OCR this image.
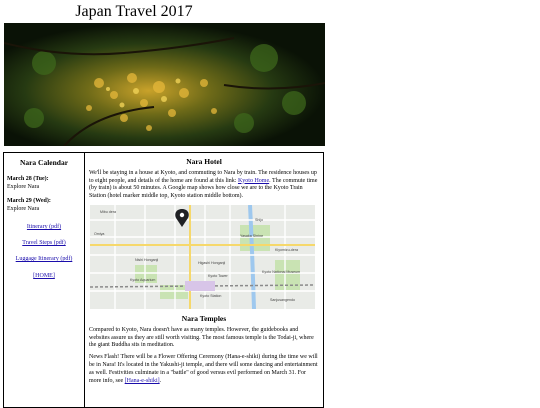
Japan Travel 2017
Nara Calendar
March 28 (Tue):
Explore Nara
March 29 (Wed):
Explore Nara
Itinerary (pdf)
Travel Steps (pdf)
Luggage Itinerary (pdf)
[HOME]
Nara Hotel

We'll be staying in a house at Kyoto, and commuting to Nara by train. The residence houses up to eight people, and details of the home are found at this link: Kyoto Home. The commute time (by train) is about 50 minutes. A Google map shows how close we are to the Kyoto Train Station (hotel marker middle top, Kyoto station middle bottom).

Mibu dera
Omiya
Shijo
Nishi Honganji
Kyoto Aquarium
Higashi Honganji
Kyoto Station
Kyoto National Museum
Sanjusangendo
Kiyomizu-dera
Yasaka Shrine
Kyoto Tower
Nara Temples

Compared to Kyoto, Nara doesn't have as many temples. However, the guidebooks and websites assure us they are still worth visiting. The most famous temple is the Todai-ji, where the giant Buddha sits in meditation.

News Flash! There will be a Flower Offering Ceremony (Hana-e-shiki) during the time we will be in Nara! It's located in the Yakushi-ji temple, and there will some dancing and entertainment as well. Festivities culminate in a "battle" of good versus evil performed on March 31. For more info, see [Hana-e-shiki].
